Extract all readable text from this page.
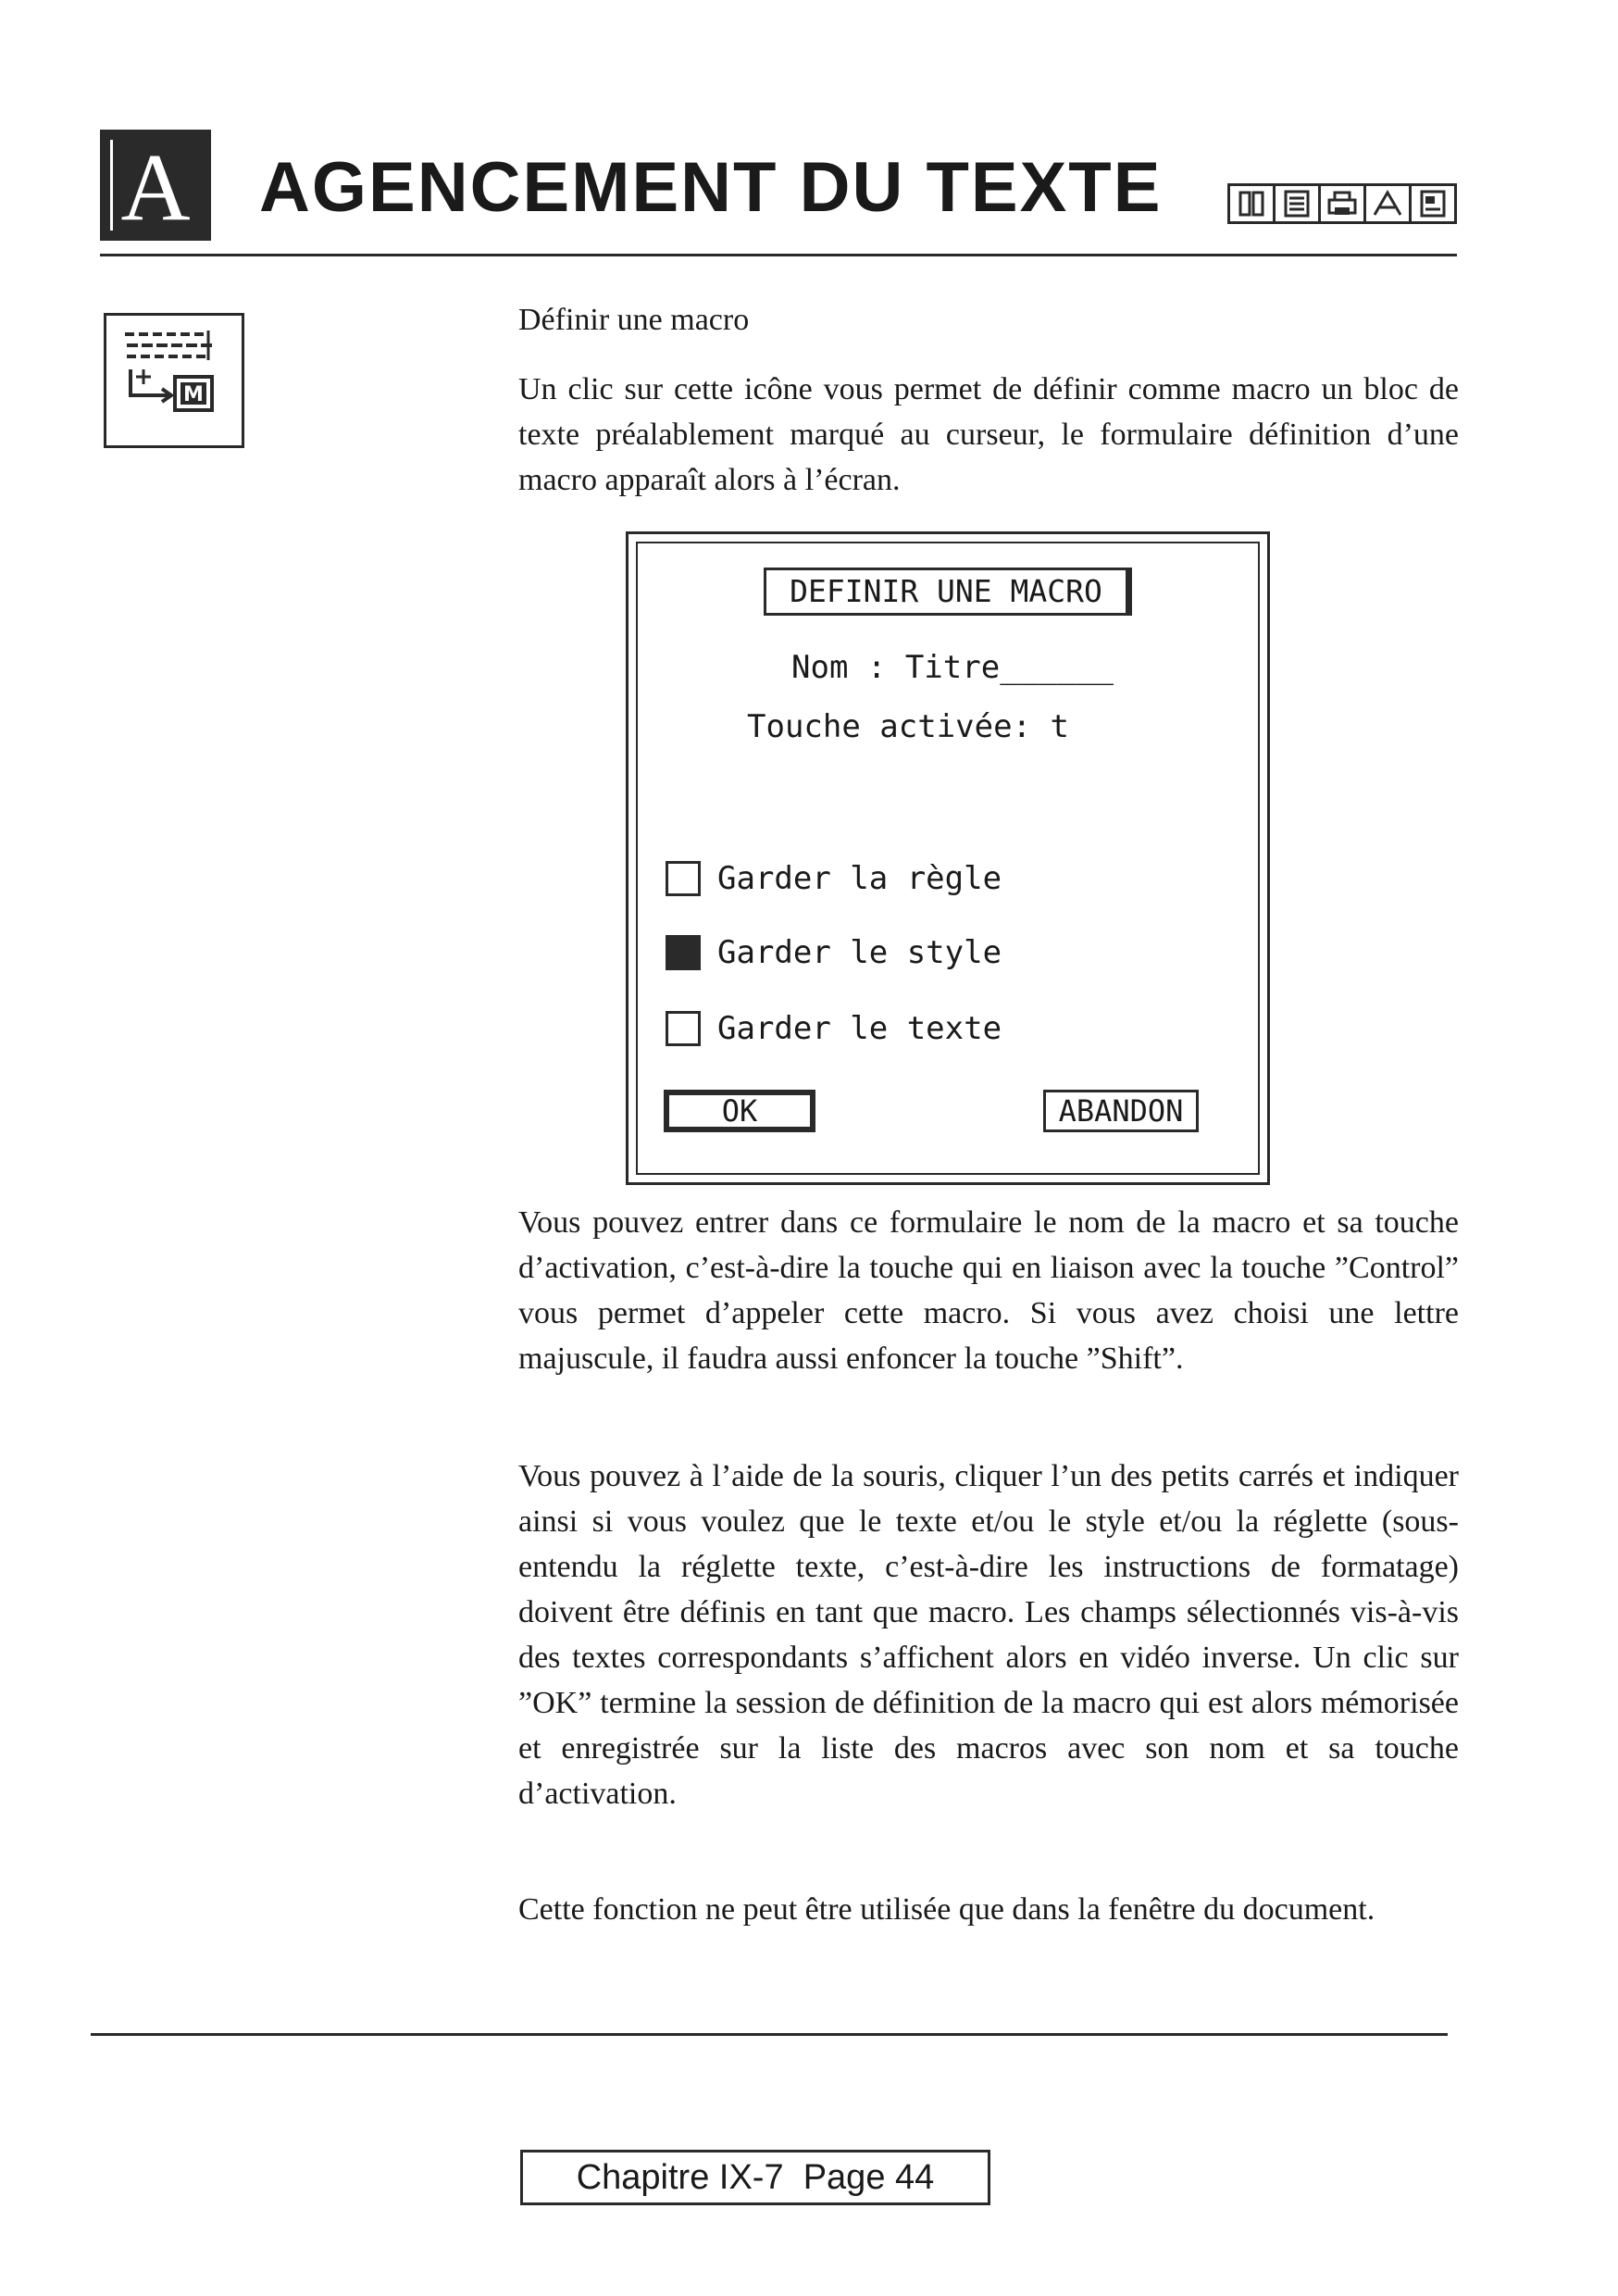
A AGENCEMENT DU TEXTE
M
Définir une macro

Un clic sur cette icône vous permet de définir comme macro un bloc de texte préalablement marqué au curseur, le formulaire définition d’une macro apparaît alors à l’écran.

DEFINIR UNE MACRO
Nom : Titre______
Touche activée: t
Garder la règle
Garder le style
Garder le texte
OK	ABANDON

Vous pouvez entrer dans ce formulaire le nom de la macro et sa touche d’activation, c’est-à-dire la touche qui en liaison avec la touche ”Control” vous permet d’appeler cette macro. Si vous avez choisi une lettre majuscule, il faudra aussi enfoncer la touche ”Shift”.

Vous pouvez à l’aide de la souris, cliquer l’un des petits carrés et indiquer ainsi si vous voulez que le texte et/ou le style et/ou la réglette (sous-entendu la réglette texte, c’est-à-dire les instructions de formatage) doivent être définis en tant que macro. Les champs sélectionnés vis-à-vis des textes correspondants s’affichent alors en vidéo inverse. Un clic sur ”OK” termine la session de définition de la macro qui est alors mémorisée et enregistrée sur la liste des macros avec son nom et sa touche d’activation.

Cette fonction ne peut être utilisée que dans la fenêtre du document.

Chapitre IX-7  Page 44
